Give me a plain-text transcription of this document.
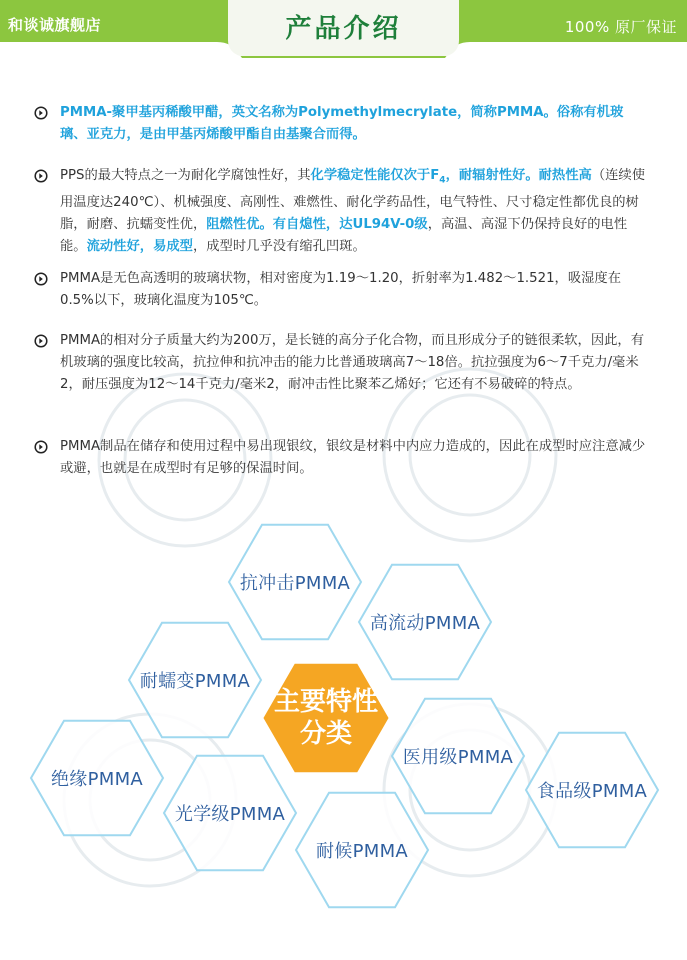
和谈诚旗舰店	产品介绍	100% 原厂保证
PMMA-聚甲基丙稀酸甲醋，英文名称为Polymethylmecrylate，简称PMMA。俗称有机玻璃、亚克力，是由甲基丙烯酸甲酯自由基聚合而得。
PPS的最大特点之一为耐化学腐蚀性好，其化学稳定性能仅次于$F_4$，耐辐射性好。耐热性高（连续使用温度达240℃）、机械强度、高刚性、难燃性、耐化学药品性，电气特性、尺寸稳定性都优良的树脂，耐磨、抗蠕变性优，阻燃性优。有自熄性，达UL94V-0级，高温、高湿下仍保持良好的电性能。流动性好，易成型，成型时几乎没有缩孔凹斑。
PMMA是无色高透明的玻璃状物，相对密度为1.19～1.20，折射率为1.482～1.521，吸湿度在0.5%以下，玻璃化温度为105℃。
PMMA的相对分子质量大约为200万，是长链的高分子化合物，而且形成分子的链很柔软，因此，有机玻璃的强度比较高，抗拉伸和抗冲击的能力比普通玻璃高7～18倍。抗拉强度为6～7千克力/毫米2，耐压强度为12～14千克力/毫米2，耐冲击性比聚苯乙烯好；它还有不易破碎的特点。
PMMA制品在储存和使用过程中易出现银纹，银纹是材料中内应力造成的，因此在成型时应注意减少或避，也就是在成型时有足够的保温时间。
抗冲击PMMA
高流动PMMA
耐蠕变PMMA
医用级PMMA
绝缘PMMA
光学级PMMA
耐候PMMA
食品级PMMA
主要特性分类
